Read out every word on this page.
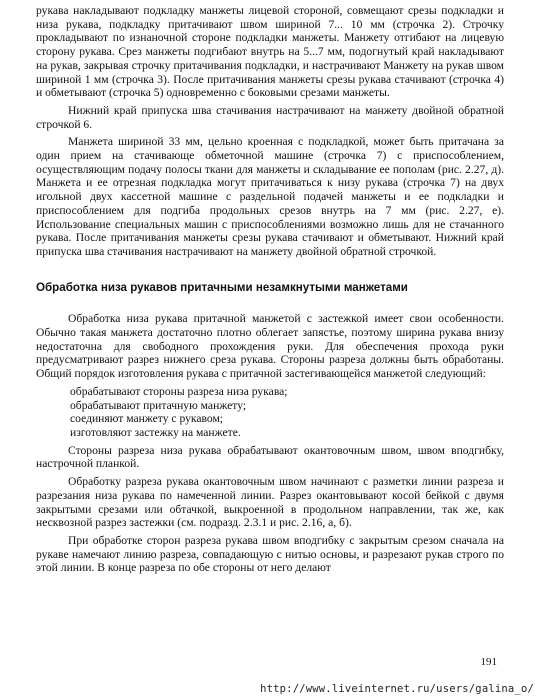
рукава накладывают подкладку манжеты лицевой стороной, совмещают срезы подкладки и низа рукава, подкладку притачивают швом шириной 7... 10 мм (строчка 2). Строчку прокладывают по изнаночной стороне подкладки манжеты. Манжету отгибают на лицевую сторону рукава. Срез манжеты подгибают внутрь на 5...7 мм, подогнутый край накладывают на рукав, закрывая строчку притачивания подкладки, и настрачивают Манжету на рукав швом шириной 1 мм (строчка 3). После притачивания манжеты срезы рукава стачивают (строчка 4) и обметывают (строчка 5) одновременно с боковыми срезами манжеты.

Нижний край припуска шва стачивания настрачивают на манжету двойной обратной строчкой 6.

Манжета шириной 33 мм, цельно кроенная с подкладкой, может быть притачана за один прием на стачивающе обметочной машине (строчка 7) с приспособлением, осуществляющим подачу полосы ткани для манжеты и складывание ее пополам (рис. 2.27, д). Манжета и ее отрезная подкладка могут притачиваться к низу рукава (строчка 7) на двух игольной двух кассетной машине с раздельной подачей манжеты и ее подкладки и приспособлением для подгиба продольных срезов внутрь на 7 мм (рис. 2.27, е). Использование специальных машин с приспособлениями возможно лишь для не стачанного рукава. После притачивания манжеты срезы рукава стачивают и обметывают. Нижний край припуска шва стачивания настрачивают на манжету двойной обратной строчкой.

Обработка низа рукавов притачными незамкнутыми манжетами

Обработка низа рукава притачной манжетой с застежкой имеет свои особенности. Обычно такая манжета достаточно плотно облегает запястье, поэтому ширина рукава внизу недостаточна для свободного прохождения руки. Для обеспечения прохода руки предусматривают разрез нижнего среза рукава. Стороны разреза должны быть обработаны. Общий порядок изготовления рукава с притачной застегивающейся манжетой следующий:

обрабатывают стороны разреза низа рукава;

обрабатывают притачную манжету;

соединяют манжету с рукавом;

изготовляют застежку на манжете.

Стороны разреза низа рукава обрабатывают окантовочным швом, швом вподгибку, настрочной планкой.

Обработку разреза рукава окантовочным швом начинают с разметки линии разреза и разрезания низа рукава по намеченной линии. Разрез окантовывают косой бейкой с двумя закрытыми срезами или обтачкой, выкроенной в продольном направлении, так же, как несквозной разрез застежки (см. подразд. 2.3.1 и рис. 2.16, а, б).

При обработке сторон разреза рукава швом вподгибку с закрытым срезом сначала на рукаве намечают линию разреза, совпадающую с нитью основы, и разрезают рукав строго по этой линии. В конце разреза по обе стороны от него делают

191
http://www.liveinternet.ru/users/galina_o/
